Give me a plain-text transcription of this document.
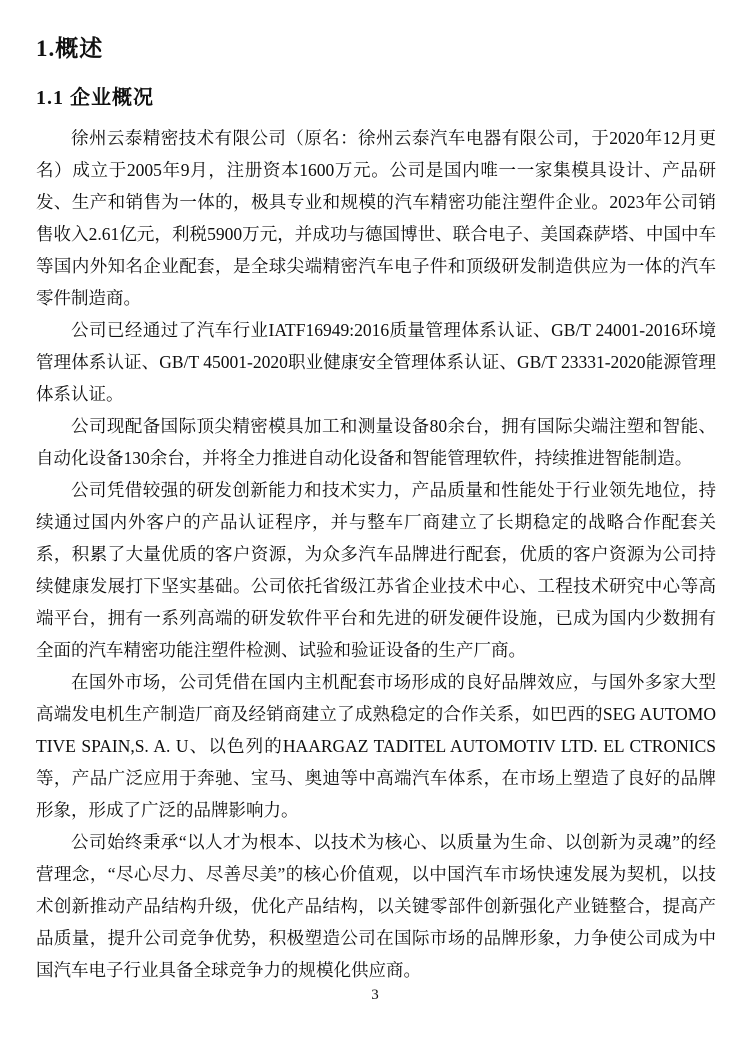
1.概述
1.1 企业概况

徐州云泰精密技术有限公司（原名：徐州云泰汽车电器有限公司，于2020年12月更名）成立于2005年9月，注册资本1600万元。公司是国内唯一一家集模具设计、产品研发、生产和销售为一体的，极具专业和规模的汽车精密功能注塑件企业。2023年公司销售收入2.61亿元，利税5900万元，并成功与德国博世、联合电子、美国森萨塔、中国中车等国内外知名企业配套，是全球尖端精密汽车电子件和顶级研发制造供应为一体的汽车零件制造商。

公司已经通过了汽车行业IATF16949:2016质量管理体系认证、GB/T 24001-2016环境管理体系认证、GB/T 45001-2020职业健康安全管理体系认证、GB/T 23331-2020能源管理体系认证。

公司现配备国际顶尖精密模具加工和测量设备80余台，拥有国际尖端注塑和智能、自动化设备130余台，并将全力推进自动化设备和智能管理软件，持续推进智能制造。

公司凭借较强的研发创新能力和技术实力，产品质量和性能处于行业领先地位，持续通过国内外客户的产品认证程序，并与整车厂商建立了长期稳定的战略合作配套关系，积累了大量优质的客户资源，为众多汽车品牌进行配套，优质的客户资源为公司持续健康发展打下坚实基础。公司依托省级江苏省企业技术中心、工程技术研究中心等高端平台，拥有一系列高端的研发软件平台和先进的研发硬件设施，已成为国内少数拥有全面的汽车精密功能注塑件检测、试验和验证设备的生产厂商。

在国外市场，公司凭借在国内主机配套市场形成的良好品牌效应，与国外多家大型高端发电机生产制造厂商及经销商建立了成熟稳定的合作关系，如巴西的SEG AUTOMOTIVE SPAIN,S. A. U、以色列的HAARGAZ TADITEL AUTOMOTIV LTD. EL CTRONICS等，产品广泛应用于奔驰、宝马、奥迪等中高端汽车体系，在市场上塑造了良好的品牌形象，形成了广泛的品牌影响力。

公司始终秉承“以人才为根本、以技术为核心、以质量为生命、以创新为灵魂”的经营理念，“尽心尽力、尽善尽美”的核心价值观，以中国汽车市场快速发展为契机，以技术创新推动产品结构升级，优化产品结构，以关键零部件创新强化产业链整合，提高产品质量，提升公司竞争优势，积极塑造公司在国际市场的品牌形象，力争使公司成为中国汽车电子行业具备全球竞争力的规模化供应商。

3
